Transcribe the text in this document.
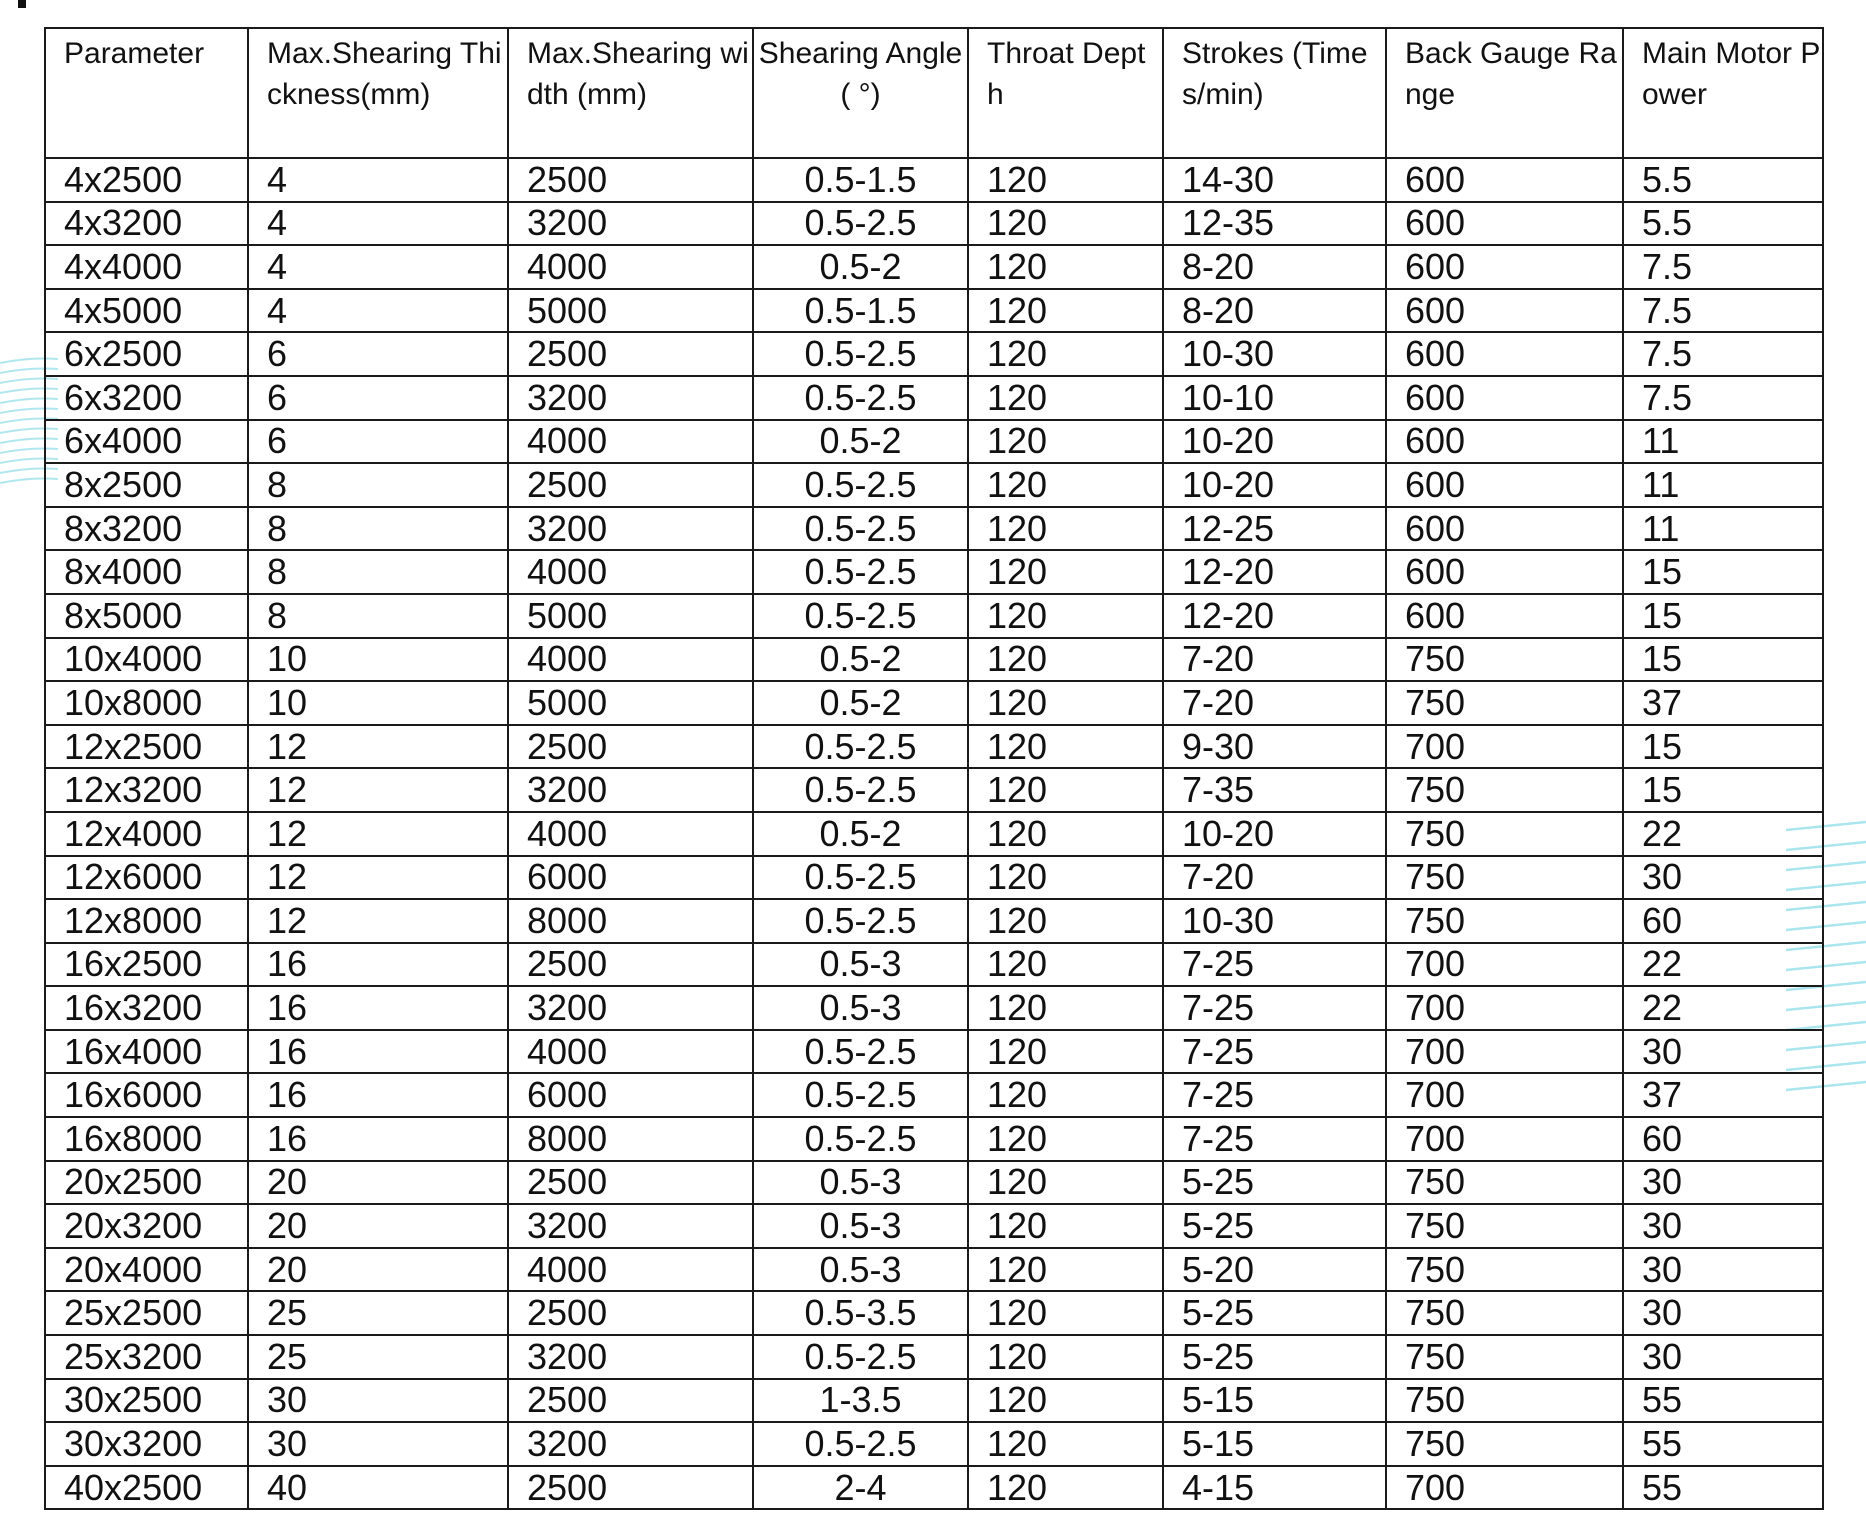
Parameter	Max.Shearing Thickness(mm)	Max.Shearing width (mm)	Shearing Angle( °)	Throat Depth	Strokes (Times/min)	Back Gauge Range	Main Motor Power
4x2500	4	2500	0.5-1.5	120	14-30	600	5.5
4x3200	4	3200	0.5-2.5	120	12-35	600	5.5
4x4000	4	4000	0.5-2	120	8-20	600	7.5
4x5000	4	5000	0.5-1.5	120	8-20	600	7.5
6x2500	6	2500	0.5-2.5	120	10-30	600	7.5
6x3200	6	3200	0.5-2.5	120	10-10	600	7.5
6x4000	6	4000	0.5-2	120	10-20	600	11
8x2500	8	2500	0.5-2.5	120	10-20	600	11
8x3200	8	3200	0.5-2.5	120	12-25	600	11
8x4000	8	4000	0.5-2.5	120	12-20	600	15
8x5000	8	5000	0.5-2.5	120	12-20	600	15
10x4000	10	4000	0.5-2	120	7-20	750	15
10x8000	10	5000	0.5-2	120	7-20	750	37
12x2500	12	2500	0.5-2.5	120	9-30	700	15
12x3200	12	3200	0.5-2.5	120	7-35	750	15
12x4000	12	4000	0.5-2	120	10-20	750	22
12x6000	12	6000	0.5-2.5	120	7-20	750	30
12x8000	12	8000	0.5-2.5	120	10-30	750	60
16x2500	16	2500	0.5-3	120	7-25	700	22
16x3200	16	3200	0.5-3	120	7-25	700	22
16x4000	16	4000	0.5-2.5	120	7-25	700	30
16x6000	16	6000	0.5-2.5	120	7-25	700	37
16x8000	16	8000	0.5-2.5	120	7-25	700	60
20x2500	20	2500	0.5-3	120	5-25	750	30
20x3200	20	3200	0.5-3	120	5-25	750	30
20x4000	20	4000	0.5-3	120	5-20	750	30
25x2500	25	2500	0.5-3.5	120	5-25	750	30
25x3200	25	3200	0.5-2.5	120	5-25	750	30
30x2500	30	2500	1-3.5	120	5-15	750	55
30x3200	30	3200	0.5-2.5	120	5-15	750	55
40x2500	40	2500	2-4	120	4-15	700	55
